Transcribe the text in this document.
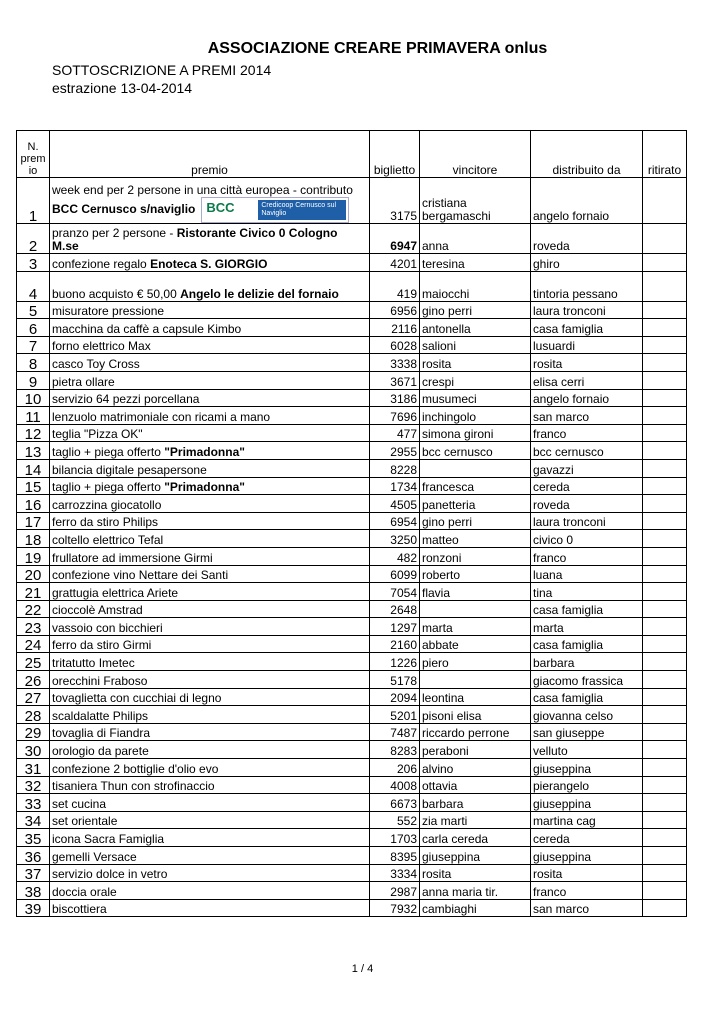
ASSOCIAZIONE CREARE PRIMAVERA onlus
SOTTOSCRIZIONE A PREMI 2014
estrazione 13-04-2014
N.
prem
io	premio	biglietto	vincitore	distribuito da	ritirato
1	week end per 2 persone in una città europea - contributo
BCC Cernusco s/naviglio BCC Credicoop Cernusco sul Naviglio	3175	cristiana bergamaschi	angelo fornaio	
2	pranzo per 2 persone - Ristorante Civico 0 Cologno
M.se	6947	anna	roveda	
3	confezione regalo Enoteca S. GIORGIO	4201	teresina	ghiro	
4	buono acquisto € 50,00 Angelo le delizie del fornaio	419	maiocchi	tintoria pessano	
5	misuratore pressione	6956	gino perri	laura tronconi	
6	macchina da caffè a capsule Kimbo	2116	antonella	casa famiglia	
7	forno elettrico Max	6028	salioni	lusuardi	
8	casco Toy Cross	3338	rosita	rosita	
9	pietra ollare	3671	crespi	elisa cerri	
10	servizio 64 pezzi porcellana	3186	musumeci	angelo fornaio	
11	lenzuolo matrimoniale con ricami a mano	7696	inchingolo	san marco	
12	teglia "Pizza OK"	477	simona gironi	franco	
13	taglio + piega offerto "Primadonna"	2955	bcc cernusco	bcc cernusco	
14	bilancia digitale pesapersone	8228		gavazzi	
15	taglio + piega offerto "Primadonna"	1734	francesca	cereda	
16	carrozzina giocatollo	4505	panetteria	roveda	
17	ferro da stiro Philips	6954	gino perri	laura tronconi	
18	coltello elettrico Tefal	3250	matteo	civico 0	
19	frullatore ad immersione Girmi	482	ronzoni	franco	
20	confezione vino Nettare dei Santi	6099	roberto	luana	
21	grattugia elettrica Ariete	7054	flavia	tina	
22	cioccolè Amstrad	2648		casa famiglia	
23	vassoio con bicchieri	1297	marta	marta	
24	ferro da stiro Girmi	2160	abbate	casa famiglia	
25	tritatutto Imetec	1226	piero	barbara	
26	orecchini Fraboso	5178		giacomo frassica	
27	tovaglietta con cucchiai di legno	2094	leontina	casa famiglia	
28	scaldalatte Philips	5201	pisoni elisa	giovanna celso	
29	tovaglia di Fiandra	7487	riccardo perrone	san giuseppe	
30	orologio da parete	8283	peraboni	velluto	
31	confezione 2 bottiglie d'olio evo	206	alvino	giuseppina	
32	tisaniera Thun con strofinaccio	4008	ottavia	pierangelo	
33	set cucina	6673	barbara	giuseppina	
34	set orientale	552	zia marti	martina cag	
35	icona Sacra Famiglia	1703	carla cereda	cereda	
36	gemelli Versace	8395	giuseppina	giuseppina	
37	servizio dolce in vetro	3334	rosita	rosita	
38	doccia orale	2987	anna maria tir.	franco	
39	biscottiera	7932	cambiaghi	san marco	
1 / 4
